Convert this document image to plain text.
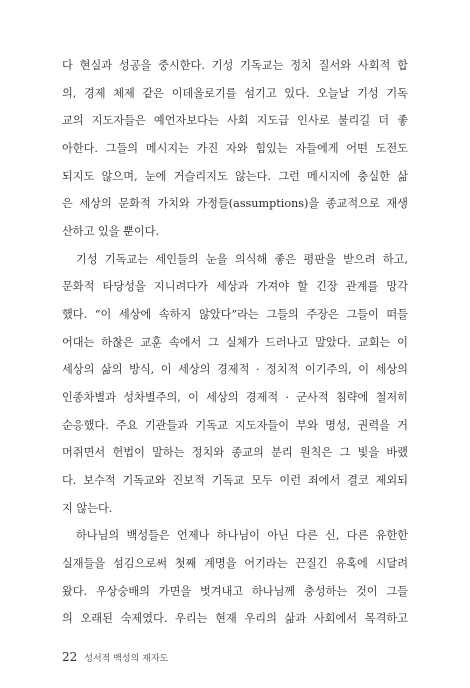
다 현실과 성공을 중시한다. 기성 기독교는 정치 질서와 사회적 합
의, 경제 체제 같은 이데올로기를 섬기고 있다. 오늘날 기성 기독
교의 지도자들은 예언자보다는 사회 지도급 인사로 불리길 더 좋
아한다. 그들의 메시지는 가진 자와 힘있는 자들에게 어떤 도전도
되지도 않으며, 눈에 거슬리지도 않는다. 그런 메시지에 충실한 삶
은 세상의 문화적 가치와 가정들(assumptions)을 종교적으로 재생
산하고 있을 뿐이다.
기성 기독교는 세인들의 눈을 의식해 좋은 평판을 받으려 하고,
문화적 타당성을 지니려다가 세상과 가져야 할 긴장 관계를 망각
했다. “이 세상에 속하지 않았다”라는 그들의 주장은 그들이 떠들
어대는 하찮은 교훈 속에서 그 실체가 드러나고 말았다. 교회는 이
세상의 삶의 방식, 이 세상의 경제적 · 정치적 이기주의, 이 세상의
인종차별과 성차별주의, 이 세상의 경제적 · 군사적 침략에 철저히
순응했다. 주요 기관들과 기독교 지도자들이 부와 명성, 권력을 거
머쥐면서 헌법이 말하는 정치와 종교의 분리 원칙은 그 빛을 바랬
다. 보수적 기독교와 진보적 기독교 모두 이런 죄에서 결코 제외되
지 않는다.
하나님의 백성들은 언제나 하나님이 아닌 다른 신, 다른 유한한
실재들을 섬김으로써 첫째 계명을 어기라는 끈질긴 유혹에 시달려
왔다. 우상숭배의 가면을 벗겨내고 하나님께 충성하는 것이 그들
의 오래된 숙제였다. 우리는 현재 우리의 삶과 사회에서 목격하고
22 성서적 백성의 재자도
